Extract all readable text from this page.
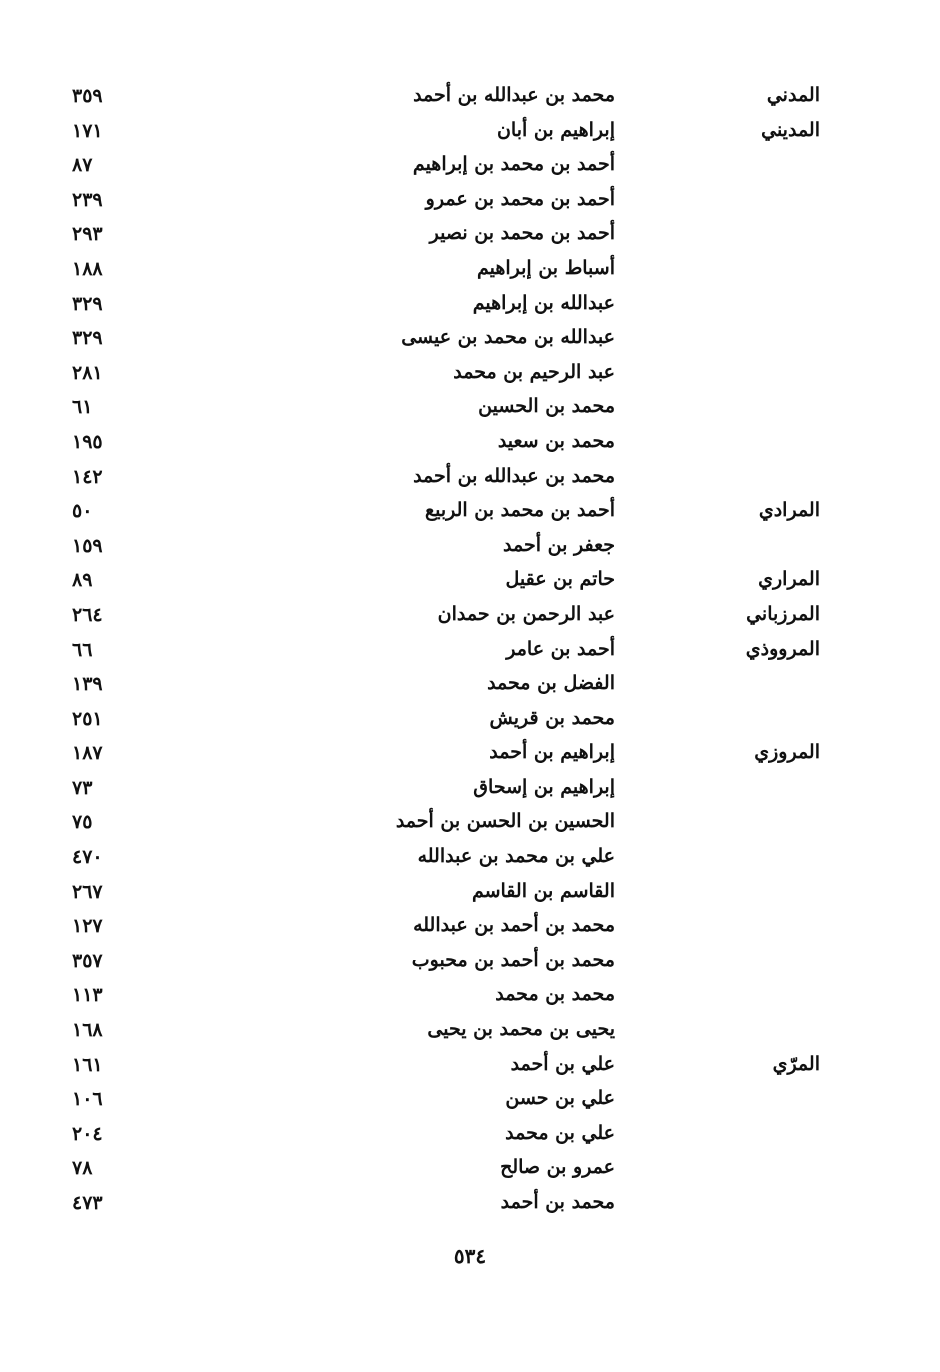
المدني
محمد بن عبدالله بن أحمد
٣٥٩
المديني
إبراهيم بن أبان
١٧١
أحمد بن محمد بن إبراهيم
٨٧
أحمد بن محمد بن عمرو
٢٣٩
أحمد بن محمد بن نصير
٢٩٣
أسباط بن إبراهيم
١٨٨
عبدالله بن إبراهيم
٣٢٩
عبدالله بن محمد بن عيسى
٣٢٩
عبد الرحيم بن محمد
٢٨١
محمد بن الحسين
٦١
محمد بن سعيد
١٩٥
محمد بن عبدالله بن أحمد
١٤٢
المرادي
أحمد بن محمد بن الربيع
٥٠
جعفر بن أحمد
١٥٩
المراري
حاتم بن عقيل
٨٩
المرزباني
عبد الرحمن بن حمدان
٢٦٤
المرووذي
أحمد بن عامر
٦٦
الفضل بن محمد
١٣٩
محمد بن قريش
٢٥١
المروزي
إبراهيم بن أحمد
١٨٧
إبراهيم بن إسحاق
٧٣
الحسين بن الحسن بن أحمد
٧٥
علي بن محمد بن عبدالله
٤٧٠
القاسم بن القاسم
٢٦٧
محمد بن أحمد بن عبدالله
١٢٧
محمد بن أحمد بن محبوب
٣٥٧
محمد بن محمد
١١٣
يحيى بن محمد بن يحيى
١٦٨
المرّي
علي بن أحمد
١٦١
علي بن حسن
١٠٦
علي بن محمد
٢٠٤
عمرو بن صالح
٧٨
محمد بن أحمد
٤٧٣
٥٣٤
